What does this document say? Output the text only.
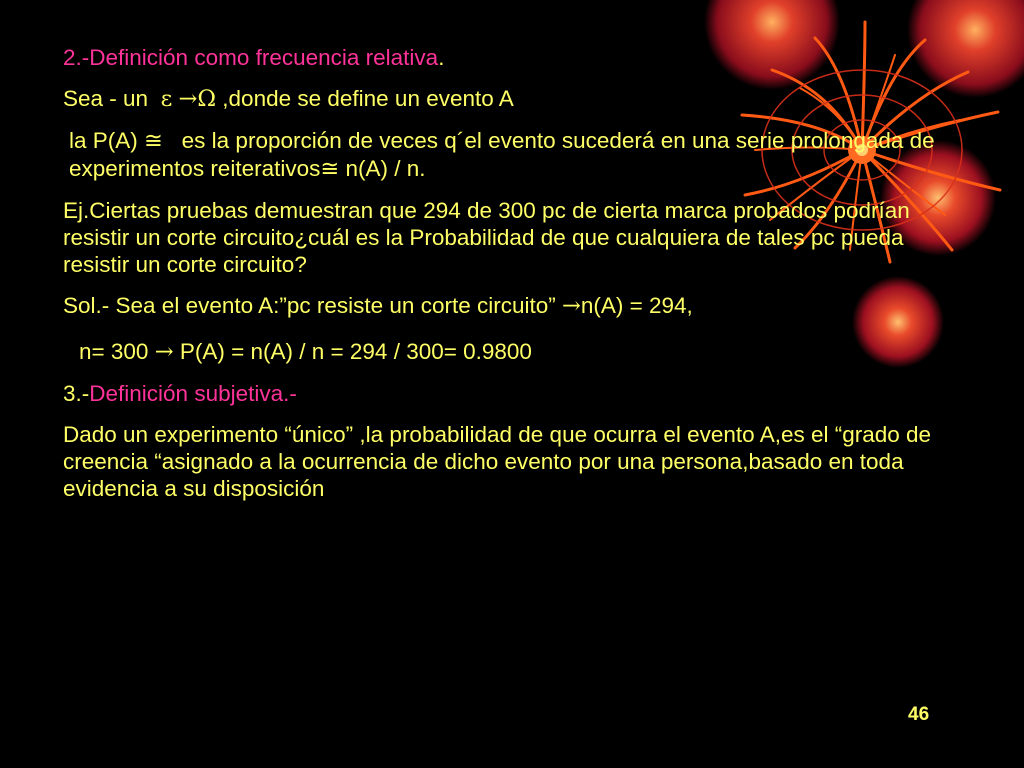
2.-Definición como frecuencia relativa.

Sea - un ε →Ω ,donde se define un evento A

la P(A) ≅ es la proporción de veces q´el evento sucederá en una serie prolongada de experimentos reiterativos≅ n(A) / n.

Ej.Ciertas pruebas demuestran que 294 de 300 pc de cierta marca probados podrían resistir un corte circuito¿cuál es la Probabilidad de que cualquiera de tales pc pueda resistir un corte circuito?

Sol.- Sea el evento A:”pc resiste un corte circuito” →n(A) = 294,

n= 300 → P(A) = n(A) / n = 294 / 300= 0.9800

3.-Definición subjetiva.-

Dado un experimento “único” ,la probabilidad de que ocurra el evento A,es el “grado de creencia “asignado a la ocurrencia de dicho evento por una persona,basado en toda evidencia a su disposición

46
